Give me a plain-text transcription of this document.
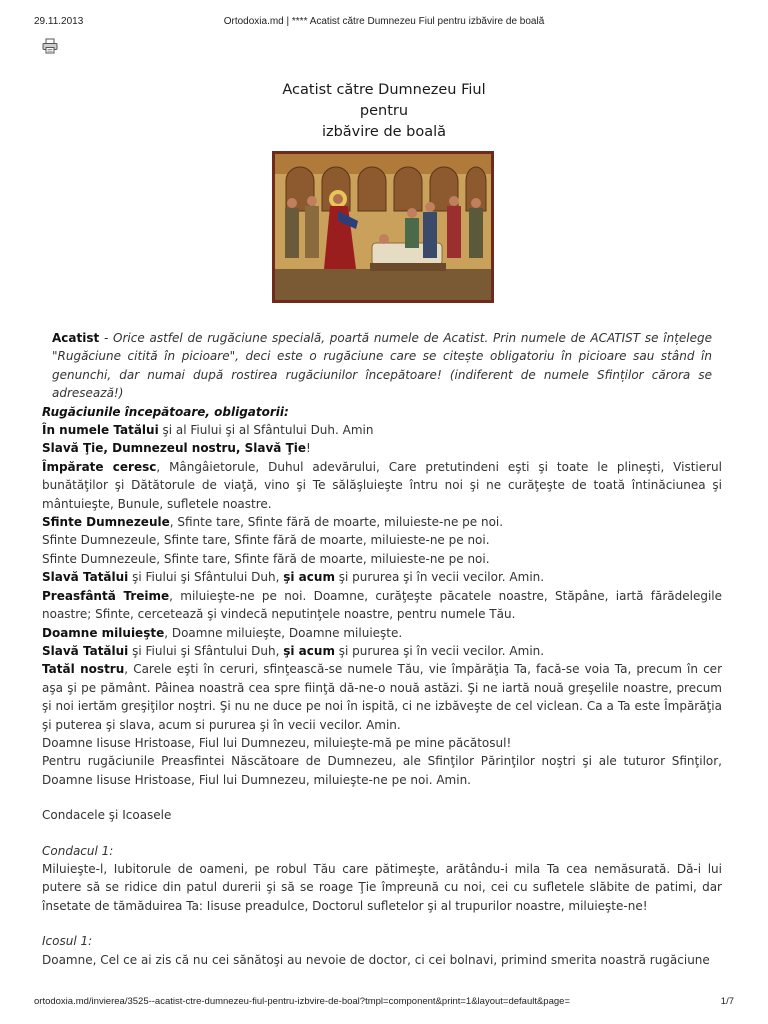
29.11.2013	Ortodoxia.md | **** Acatist către Dumnezeu Fiul pentru izbăvire de boală
Acatist către Dumnezeu Fiul
pentru
izbăvire de boală

Acatist - Orice astfel de rugăciune specială, poartă numele de Acatist. Prin numele de ACATIST se înțelege "Rugăciune citită în picioare", deci este o rugăciune care se citește obligatoriu în picioare sau stând în genunchi, dar numai după rostirea rugăciunilor începătoare! (indiferent de numele Sfinților cărora se adresează!)

Rugăciunile începătoare, obligatorii:

În numele Tatălui şi al Fiului şi al Sfântului Duh. Amin

Slavă Ţie, Dumnezeul nostru, Slavă Ţie!

Împărate ceresc, Mângâietorule, Duhul adevărului, Care pretutindeni eşti şi toate le plineşti, Vistierul bunătăţilor şi Dătătorule de viaţă, vino şi Te sălăşluieşte întru noi şi ne curăţeşte de toată întinăciunea şi mântuieşte, Bunule, sufletele noastre.

Sfinte Dumnezeule, Sfinte tare, Sfinte fără de moarte, miluieste-ne pe noi.

Sfinte Dumnezeule, Sfinte tare, Sfinte fără de moarte, miluieste-ne pe noi.

Sfinte Dumnezeule, Sfinte tare, Sfinte fără de moarte, miluieste-ne pe noi.

Slavă Tatălui şi Fiului şi Sfântului Duh, şi acum şi pururea şi în vecii vecilor. Amin.

Preasfântă Treime, miluieşte-ne pe noi. Doamne, curăţeşte păcatele noastre, Stăpâne, iartă fărădelegile noastre; Sfinte, cercetează şi vindecă neputinţele noastre, pentru numele Tău.

Doamne miluieşte, Doamne miluieşte, Doamne miluieşte.

Slavă Tatălui şi Fiului şi Sfântului Duh, şi acum şi pururea şi în vecii vecilor. Amin.

Tatăl nostru, Carele eşti în ceruri, sfinţească-se numele Tău, vie împărăţia Ta, facă-se voia Ta, precum în cer aşa şi pe pământ. Pâinea noastră cea spre fiinţă dă-ne-o nouă astăzi. Şi ne iartă nouă greşelile noastre, precum şi noi iertăm greşiţilor noştri. Şi nu ne duce pe noi în ispită, ci ne izbăveşte de cel viclean. Ca a Ta este Împărăţia şi puterea şi slava, acum si pururea şi în vecii vecilor. Amin.

Doamne Iisuse Hristoase, Fiul lui Dumnezeu, miluieşte-mă pe mine păcătosul!

Pentru rugăciunile Preasfintei Născătoare de Dumnezeu, ale Sfinţilor Părinţilor noştri şi ale tuturor Sfinţilor, Doamne Iisuse Hristoase, Fiul lui Dumnezeu, miluieşte-ne pe noi. Amin.

Condacele şi Icoasele

Condacul 1:

Miluieşte-l, Iubitorule de oameni, pe robul Tău care pătimeşte, arătându-i mila Ta cea nemăsurată. Dă-i lui putere să se ridice din patul durerii şi să se roage Ţie împreună cu noi, cei cu sufletele slăbite de patimi, dar însetate de tămăduirea Ta: Iisuse preadulce, Doctorul sufletelor şi al trupurilor noastre, miluieşte-ne!

Icosul 1:

Doamne, Cel ce ai zis că nu cei sănătoşi au nevoie de doctor, ci cei bolnavi, primind smerita noastră rugăciune

ortodoxia.md/invierea/3525--acatist-ctre-dumnezeu-fiul-pentru-izbvire-de-boal?tmpl=component&print=1&layout=default&page=	1/7
